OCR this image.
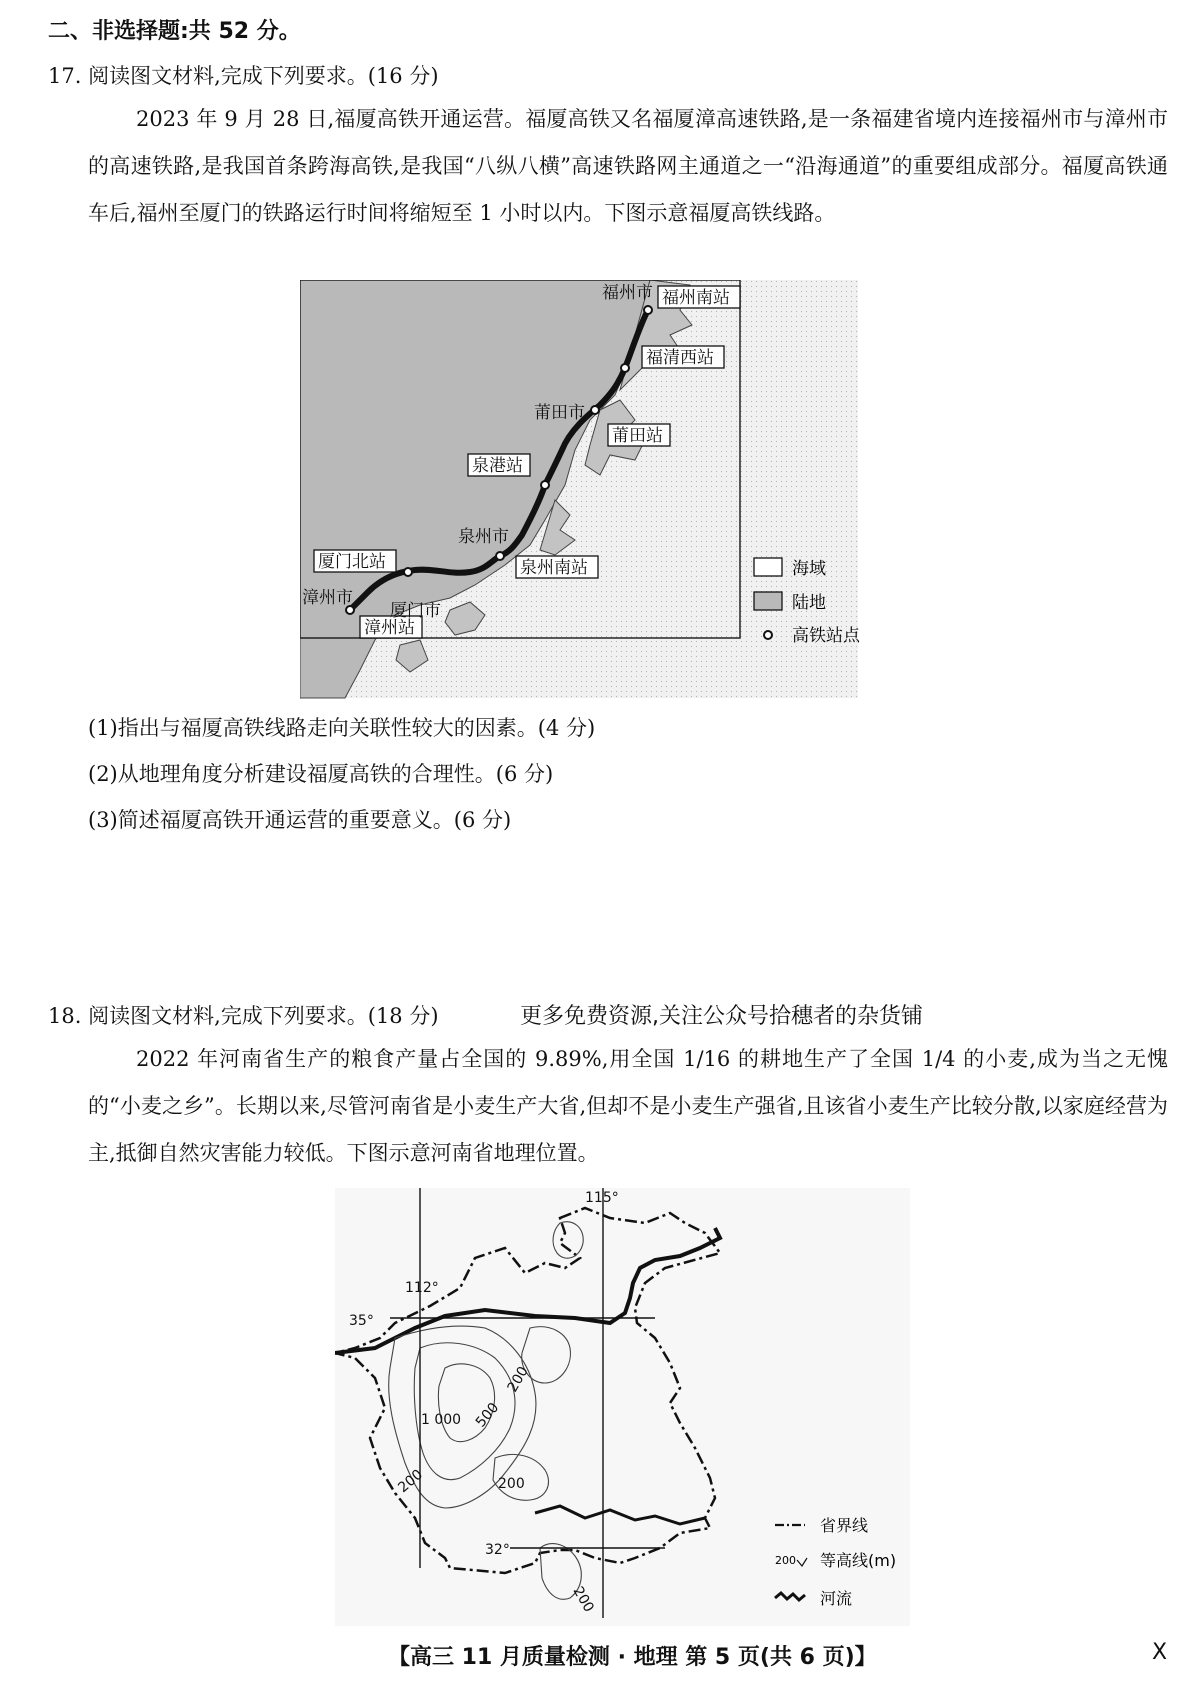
二、非选择题:共 52 分。
17. 阅读图文材料,完成下列要求。(16 分)
2023 年 9 月 28 日,福厦高铁开通运营。福厦高铁又名福厦漳高速铁路,是一条福建省境内连接福州市与漳州市的高速铁路,是我国首条跨海高铁,是我国“八纵八横”高速铁路网主通道之一“沿海通道”的重要组成部分。福厦高铁通车后,福州至厦门的铁路运行时间将缩短至 1 小时以内。下图示意福厦高铁线路。
福州南站
福清西站
莆田站
泉港站
泉州南站
厦门北站
漳州站
福州市
莆田市
泉州市
漳州市
厦门市
海域
陆地
高铁站点
(1)指出与福厦高铁线路走向关联性较大的因素。(4 分)
(2)从地理角度分析建设福厦高铁的合理性。(6 分)
(3)简述福厦高铁开通运营的重要意义。(6 分)
18. 阅读图文材料,完成下列要求。(18 分)	更多免费资源,关注公众号拾穗者的杂货铺
2022 年河南省生产的粮食产量占全国的 9.89%,用全国 1/16 的耕地生产了全国 1/4 的小麦,成为当之无愧的“小麦之乡”。长期以来,尽管河南省是小麦生产大省,但却不是小麦生产强省,且该省小麦生产比较分散,以家庭经营为主,抵御自然灾害能力较低。下图示意河南省地理位置。
115°
112°
35°
32°
200
500
1 000
200	200
200
省界线
200 等高线(m)
河流
【高三 11 月质量检测 · 地理 第 5 页(共 6 页)】	X
